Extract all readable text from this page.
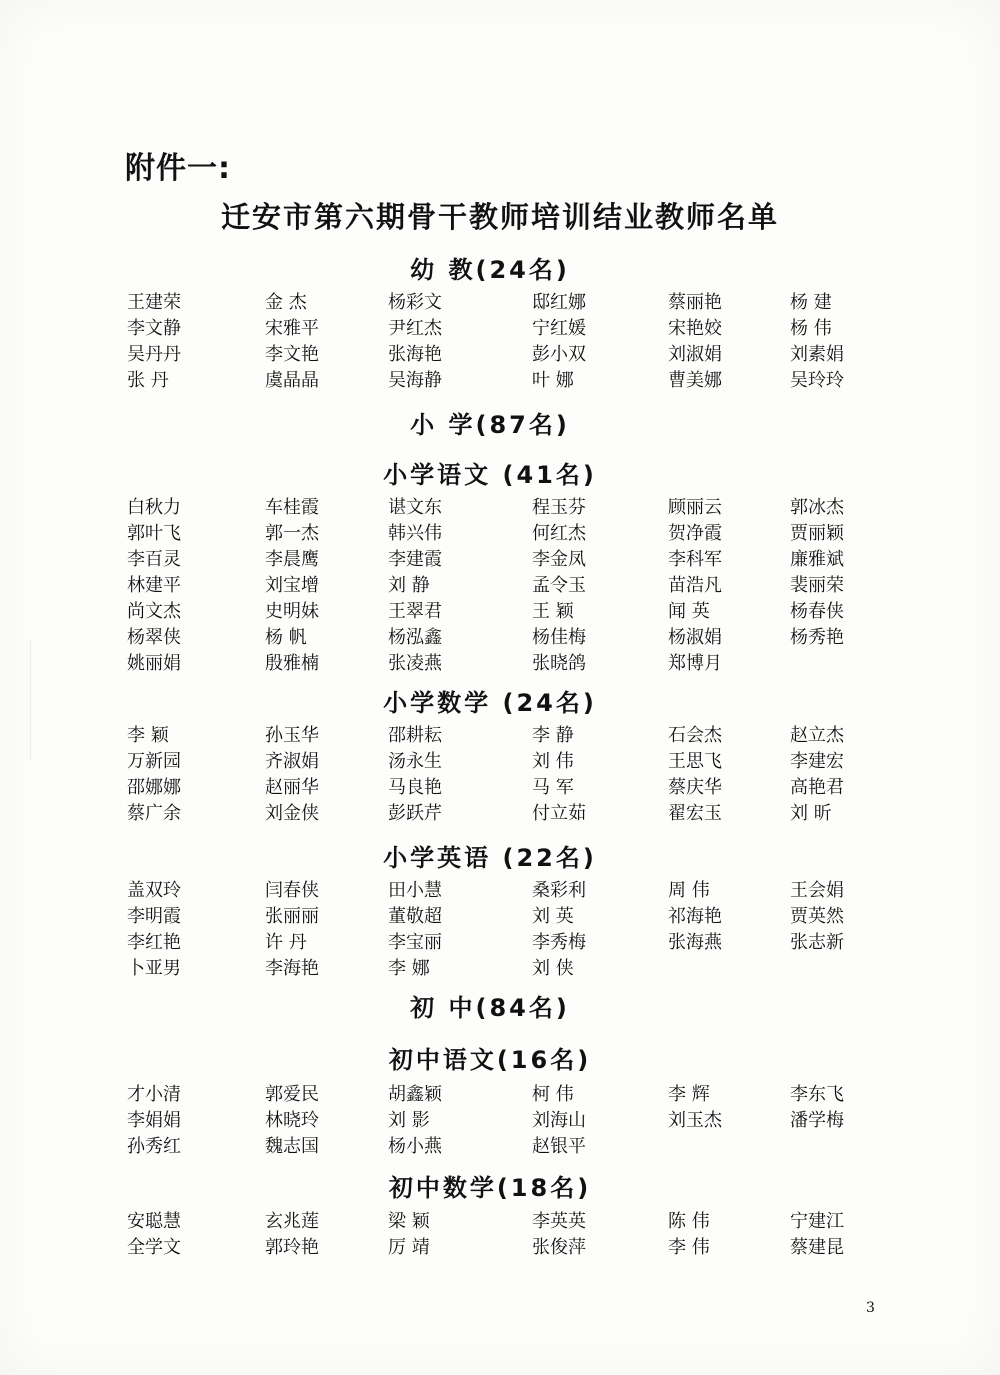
附件一:
迁安市第六期骨干教师培训结业教师名单
幼 教(24名)
王建荣	金 杰	杨彩文	邸红娜	蔡丽艳	杨 建
李文静	宋雅平	尹红杰	宁红媛	宋艳姣	杨 伟
吴丹丹	李文艳	张海艳	彭小双	刘淑娟	刘素娟
张 丹	虞晶晶	吴海静	叶 娜	曹美娜	吴玲玲
小 学(87名)
小学语文 (41名)
白秋力	车桂霞	谌文东	程玉芬	顾丽云	郭冰杰
郭叶飞	郭一杰	韩兴伟	何红杰	贺净霞	贾丽颖
李百灵	李晨鹰	李建霞	李金凤	李科军	廉雅斌
林建平	刘宝增	刘 静	孟令玉	苗浩凡	裴丽荣
尚文杰	史明妹	王翠君	王 颖	闻 英	杨春侠
杨翠侠	杨 帆	杨泓鑫	杨佳梅	杨淑娟	杨秀艳
姚丽娟	殷雅楠	张凌燕	张晓鸽	郑博月
小学数学 (24名)
李 颖	孙玉华	邵耕耘	李 静	石会杰	赵立杰
万新园	齐淑娟	汤永生	刘 伟	王思飞	李建宏
邵娜娜	赵丽华	马良艳	马 军	蔡庆华	高艳君
蔡广余	刘金侠	彭跃芹	付立茹	翟宏玉	刘 昕
小学英语 (22名)
盖双玲	闫春侠	田小慧	桑彩利	周 伟	王会娟
李明霞	张丽丽	董敬超	刘 英	祁海艳	贾英然
李红艳	许 丹	李宝丽	李秀梅	张海燕	张志新
卜亚男	李海艳	李 娜	刘 侠
初 中(84名)
初中语文(16名)
才小清	郭爱民	胡鑫颖	柯 伟	李 辉	李东飞
李娟娟	林晓玲	刘 影	刘海山	刘玉杰	潘学梅
孙秀红	魏志国	杨小燕	赵银平
初中数学(18名)
安聪慧	玄兆莲	梁 颖	李英英	陈 伟	宁建江
全学文	郭玲艳	厉 靖	张俊萍	李 伟	蔡建昆
3
